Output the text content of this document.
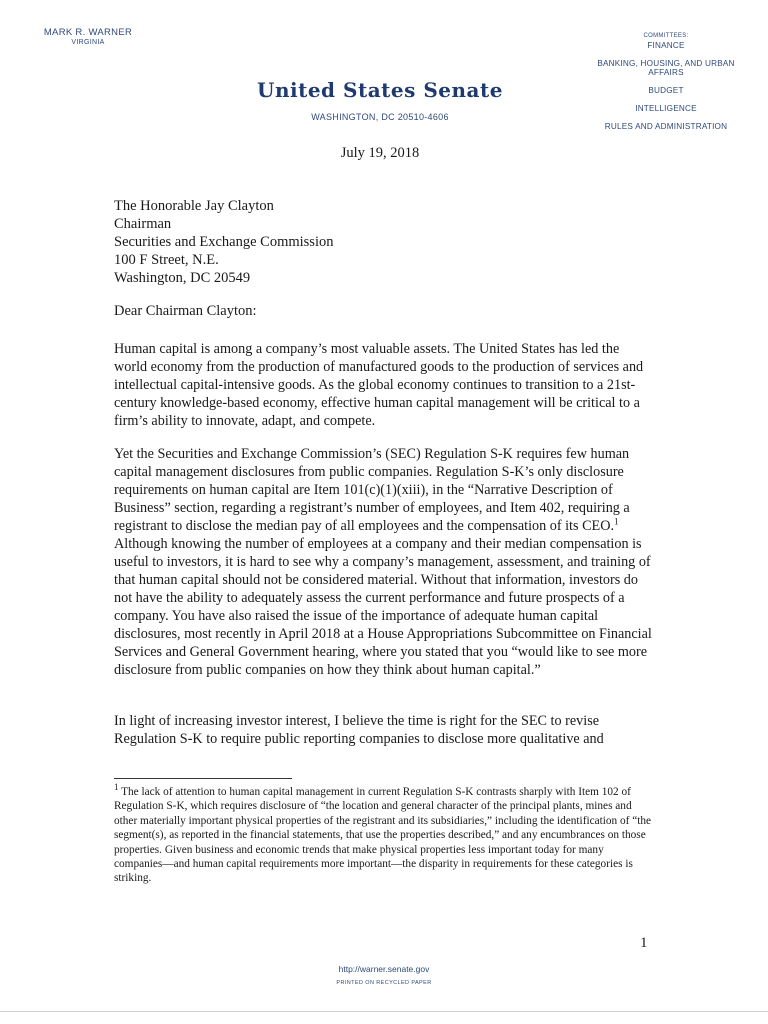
MARK R. WARNER
VIRGINIA
United States Senate
WASHINGTON, DC 20510-4606
COMMITTEES:
FINANCE
BANKING, HOUSING, AND URBAN AFFAIRS
BUDGET
INTELLIGENCE
RULES AND ADMINISTRATION
July 19, 2018
The Honorable Jay Clayton
Chairman
Securities and Exchange Commission
100 F Street, N.E.
Washington, DC 20549
Dear Chairman Clayton:

Human capital is among a company’s most valuable assets. The United States has led the world economy from the production of manufactured goods to the production of services and intellectual capital-intensive goods. As the global economy continues to transition to a 21st-century knowledge-based economy, effective human capital management will be critical to a firm’s ability to innovate, adapt, and compete.

Yet the Securities and Exchange Commission’s (SEC) Regulation S-K requires few human capital management disclosures from public companies. Regulation S-K’s only disclosure requirements on human capital are Item 101(c)(1)(xiii), in the “Narrative Description of Business” section, regarding a registrant’s number of employees, and Item 402, requiring a registrant to disclose the median pay of all employees and the compensation of its CEO.$^1$ Although knowing the number of employees at a company and their median compensation is useful to investors, it is hard to see why a company’s management, assessment, and training of that human capital should not be considered material. Without that information, investors do not have the ability to adequately assess the current performance and future prospects of a company. You have also raised the issue of the importance of adequate human capital disclosures, most recently in April 2018 at a House Appropriations Subcommittee on Financial Services and General Government hearing, where you stated that you “would like to see more disclosure from public companies on how they think about human capital.”

In light of increasing investor interest, I believe the time is right for the SEC to revise Regulation S-K to require public reporting companies to disclose more qualitative and

$^1$ The lack of attention to human capital management in current Regulation S-K contrasts sharply with Item 102 of Regulation S-K, which requires disclosure of “the location and general character of the principal plants, mines and other materially important physical properties of the registrant and its subsidiaries,” including the identification of “the segment(s), as reported in the financial statements, that use the properties described,” and any encumbrances on those properties. Given business and economic trends that make physical properties less important today for many companies—and human capital requirements more important—the disparity in requirements for these categories is striking.

1
http://warner.senate.gov
PRINTED ON RECYCLED PAPER
